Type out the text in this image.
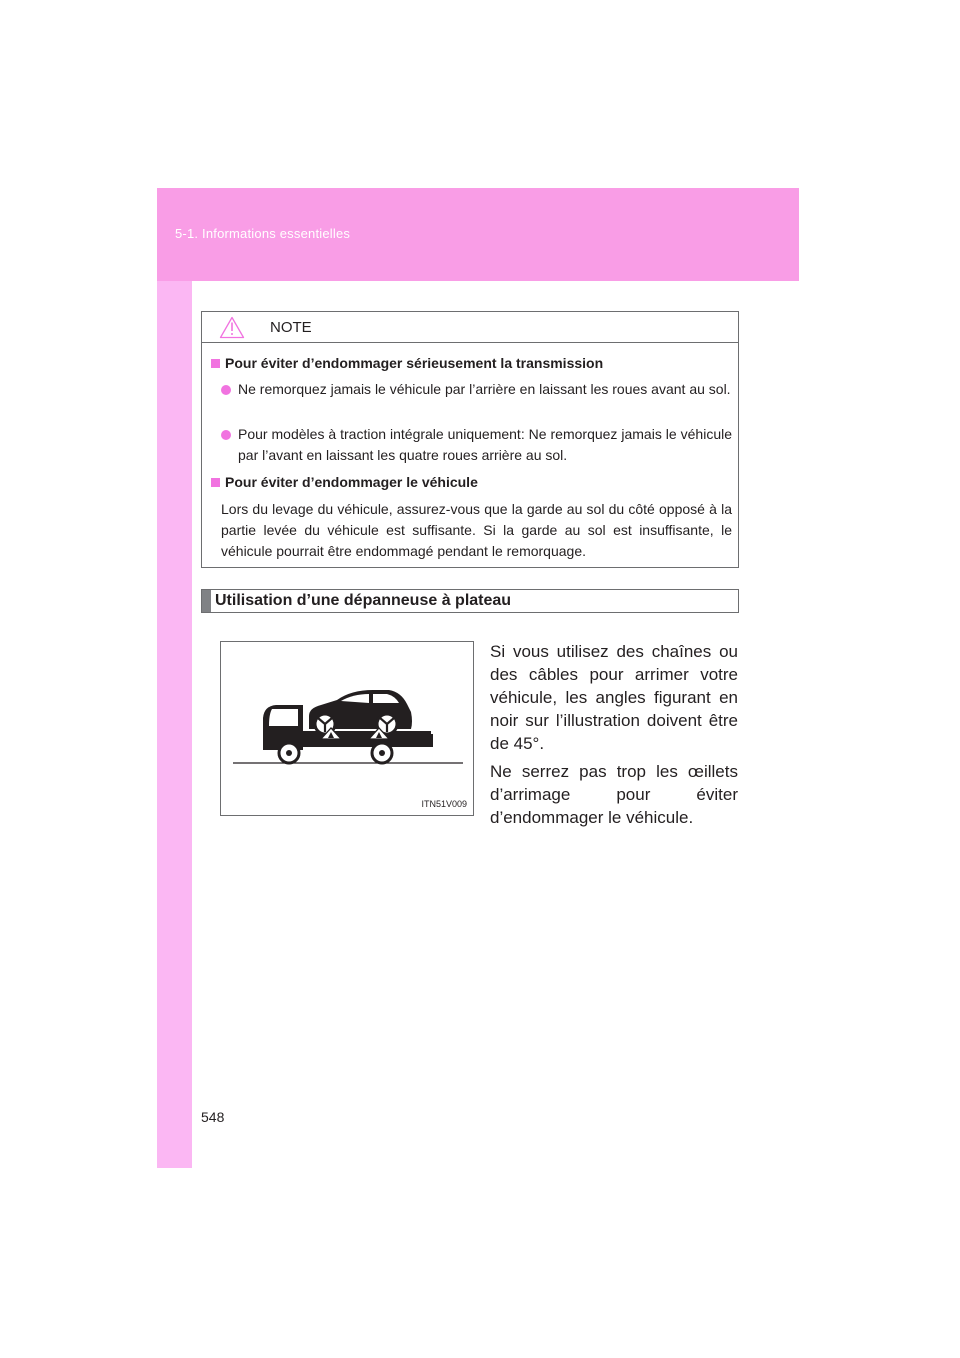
5-1. Informations essentielles
NOTE
Pour éviter d’endommager sérieusement la transmission
Ne remorquez jamais le véhicule par l’arrière en laissant les roues avant au sol.
Pour modèles à traction intégrale uniquement: Ne remorquez jamais le véhicule par l’avant en laissant les quatre roues arrière au sol.
Pour éviter d’endommager le véhicule
Lors du levage du véhicule, assurez-vous que la garde au sol du côté opposé à la partie levée du véhicule est suffisante. Si la garde au sol est insuffisante, le véhicule pourrait être endommagé pendant le remorquage.
Utilisation d’une dépanneuse à plateau
ITN51V009
Si vous utilisez des chaînes ou des câbles pour arrimer votre véhicule, les angles figurant en noir sur l’illustration doivent être de 45°.
Ne serrez pas trop les œillets d’arrimage pour éviter d’endommager le véhicule.
548
